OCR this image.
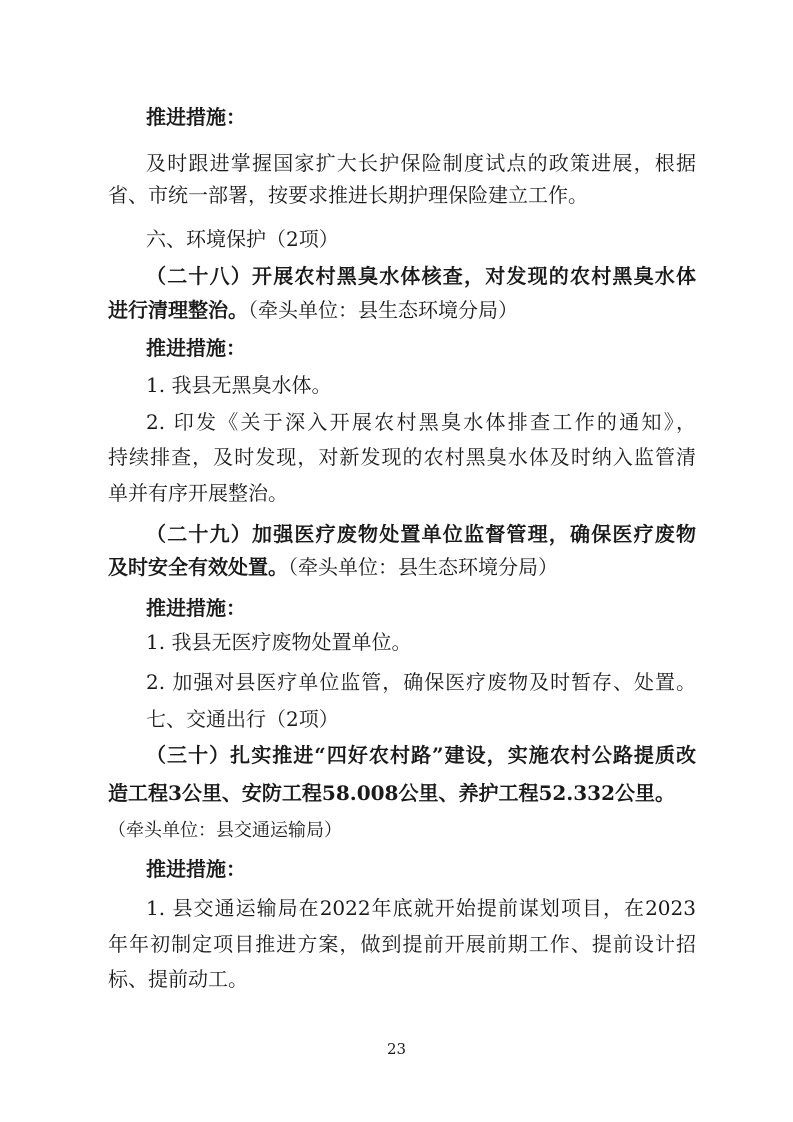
推进措施：
及时跟进掌握国家扩大长护保险制度试点的政策进展，根据
省、市统一部署，按要求推进长期护理保险建立工作。
六、环境保护（2项）
（二十八）开展农村黑臭水体核查，对发现的农村黑臭水体
进行清理整治。（牵头单位：县生态环境分局）
推进措施：
1. 我县无黑臭水体。
2. 印发《关于深入开展农村黑臭水体排查工作的通知》，
持续排查，及时发现，对新发现的农村黑臭水体及时纳入监管清
单并有序开展整治。
（二十九）加强医疗废物处置单位监督管理，确保医疗废物
及时安全有效处置。（牵头单位：县生态环境分局）
推进措施：
1. 我县无医疗废物处置单位。
2. 加强对县医疗单位监管，确保医疗废物及时暂存、处置。
七、交通出行（2项）
（三十）扎实推进“四好农村路”建设，实施农村公路提质改
造工程3公里、安防工程58.008公里、养护工程52.332公里。
（牵头单位：县交通运输局）
推进措施：
1. 县交通运输局在2022年底就开始提前谋划项目，在2023
年年初制定项目推进方案，做到提前开展前期工作、提前设计招
标、提前动工。
23
